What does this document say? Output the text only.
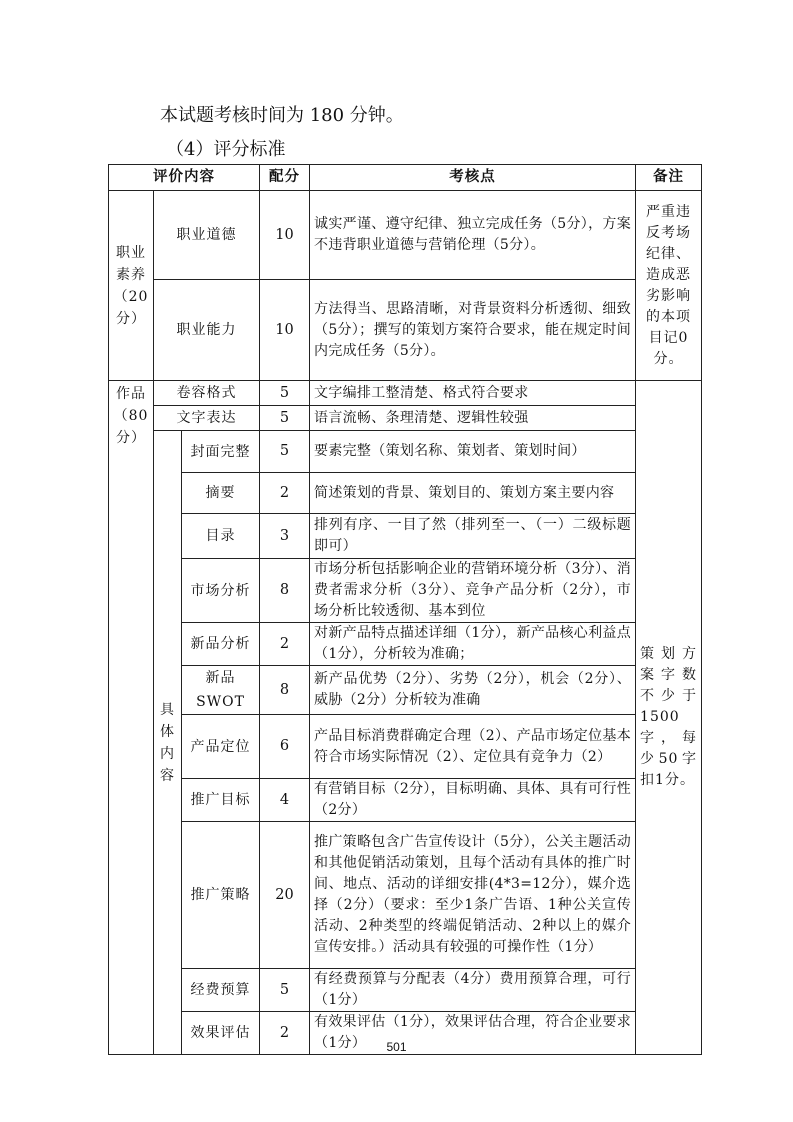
本试题考核时间为 180 分钟。

（4）评分标准

评价内容			配分	考核点	备注
职业素养（20分）	职业道德		10	诚实严谨、遵守纪律、独立完成任务（5分），方案不违背职业道德与营销伦理（5分）。	严重违反考场纪律、造成恶劣影响的本项目记0分。
	职业能力		10	方法得当、思路清晰，对背景资料分析透彻、细致（5分）；撰写的策划方案符合要求，能在规定时间内完成任务（5分）。	
作品（80分）	卷容格式		5	文字编排工整清楚、格式符合要求	策划方案字数不少于1500字，每少50字扣1分。
	文字表达		5	语言流畅、条理清楚、逻辑性较强	
	具体内容	封面完整	5	要素完整（策划名称、策划者、策划时间）	
		摘要	2	简述策划的背景、策划目的、策划方案主要内容	
		目录	3	排列有序、一目了然（排列至一、（一）二级标题即可）	
		市场分析	8	市场分析包括影响企业的营销环境分析（3分）、消费者需求分析（3分）、竞争产品分析（2分），市场分析比较透彻、基本到位	
		新品分析	2	对新产品特点描述详细（1分），新产品核心利益点（1分），分析较为准确；	
		新品 SWOT	8	新产品优势（2分）、劣势（2分），机会（2分）、威胁（2分）分析较为准确	
		产品定位	6	产品目标消费群确定合理（2）、产品市场定位基本符合市场实际情况（2）、定位具有竞争力（2）	
		推广目标	4	有营销目标（2分），目标明确、具体、具有可行性（2分）	
		推广策略	20	推广策略包含广告宣传设计（5分），公关主题活动和其他促销活动策划，且每个活动有具体的推广时间、地点、活动的详细安排(4*3=12分），媒介选择（2分）（要求：至少1条广告语、1种公关宣传活动、2种类型的终端促销活动、2种以上的媒介宣传安排。）活动具有较强的可操作性（1分）	
		经费预算	5	有经费预算与分配表（4分）费用预算合理，可行（1分）	
		效果评估	2	有效果评估（1分），效果评估合理，符合企业要求（1分）		501
